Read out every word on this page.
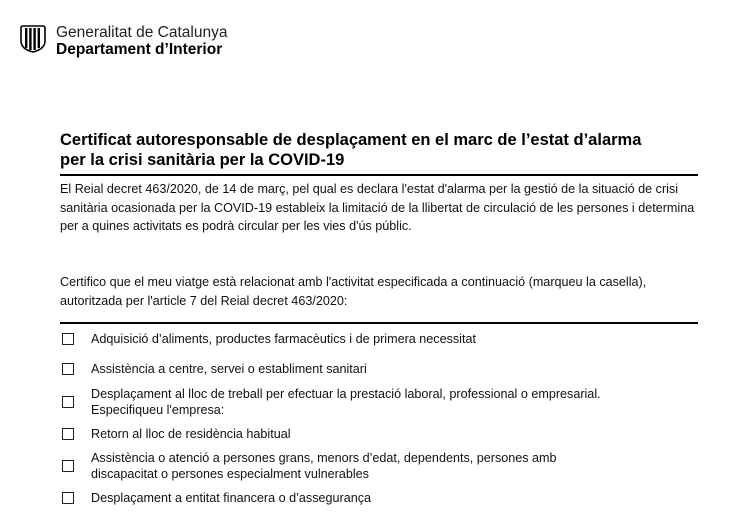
Generalitat de Catalunya
Departament d’Interior
Certificat autoresponsable de desplaçament en el marc de l’estat d’alarma
per la crisi sanitària per la COVID-19
El Reial decret 463/2020, de 14 de març, pel qual es declara l'estat d'alarma per la gestió de la situació de crisi sanitària ocasionada per la COVID-19 estableix la limitació de la llibertat de circulació de les persones i determina per a quines activitats es podrà circular per les vies d'ús públic.
Certifico que el meu viatge està relacionat amb l'activitat especificada a continuació (marqueu la casella), autoritzada per l'article 7 del Reial decret 463/2020:
Adquisició d’aliments, productes farmacèutics i de primera necessitat
Assistència a centre, servei o establiment sanitari
Desplaçament al lloc de treball per efectuar la prestació laboral, professional o empresarial.
Especifiqueu l'empresa:
Retorn al lloc de residència habitual
Assistència o atenció a persones grans, menors d’edat, dependents, persones amb
discapacitat o persones especialment vulnerables
Desplaçament a entitat financera o d’assegurança
